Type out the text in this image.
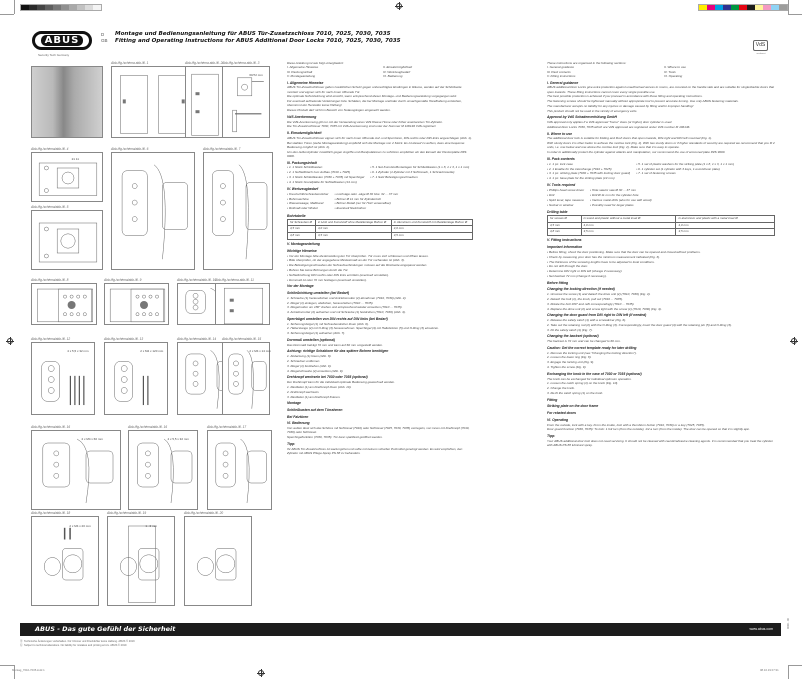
ABUS
Security Tech Germany
D
GB
Montage und Bedienungsanleitung für ABUS Tür-Zusatzschloss 7010, 7025, 7030, 7035
Fitting and Operating Instructions for ABUS Additional Door Locks 7010, 7025, 7030, 7035
VdS
anerkannt
Abb./fig./schéma abb./ill. 1	Abb./fig./schéma abb./ill. 2 Abb./fig./schéma abb./ill. 3
60/72 mm
Abb./fig./schéma/abb./ill. 4
21 11
Abb./fig./schéma/abb./ill. 6	Abb./fig./schéma/abb./ill. 7
Abb./fig./schéma/abb./ill. 5
Abb./fig./schéma/abb./ill. 8	Abb./fig./schéma/abb./ill. 9	Abb./fig./schéma/abb./ill. 10
Abb./fig./schéma abb./ill. 11
Abb./fig./schéma/abb./ill. 12
4 x 5,5 x 32 mm
Abb./fig./schéma/abb./ill. 13
2 x M4 x 120 mm
Abb./fig./schéma/abb./ill. 14 Abb./fig./schéma/abb./ill. 15
2 x M4 x 14 mm
Abb./fig./schéma/abb./ill. 16
2 x M4 x 60 mm
Abb./fig./schéma/abb./ill. 16
4 x 5,5 x 32 mm
Abb./fig./schéma/abb./ill. 17
Abb./fig./schéma/abb./ill. 18
2 x M4 x 20 mm
Abb./fig./schéma/abb./ill. 19
1...3 mm
Abb./fig./schéma/abb./ill. 20

Diese Anleitung ist wie folgt untergliedert:

I. Allgemeine Hinweise
III. Packungsinhalt
V. Montageanleitung
II. Einsatzmöglichkeit
IV. Werkzeugbedarf
VI. Bedienung
I. Allgemeine Hinweise

ABUS Tür-Zusatzschlösser gelten zusätzlichen Schutz gegen unberechtigtes Eindringen in Räume, werden auf der Schloßseite montiert und eignen sich für nach innen öffnende Tür.

Die optimale Schutzwirkung wird erreicht, wenn entsprechend dieser Montage- und Bedienungsanleitung vorgegangen wird.

Für eventuell auftretende Verletzungen bzw. Schäden, die bei Montage und/oder durch unsachgemäße Handhabung entstehen, übernimmt der Hersteller keine Haftung!

Dieses Produkt darf nicht im Bereich von Notausgängen eingesetzt werden.

VdS Anerkennung

Die VdS-Anerkennung gilt nur mit der Verwendung eines VdS Klasse Home oder höher anerkannten Tür-Zylinder.

Die Tür-Zusatzschlösser 7030, 7035 mit VdS-Anerkennung sind unter der Nummer M 106146 VdS registriert.

II. Einsatzmöglichkeit

ABUS Tür-Zusatzschlösser eignen sich für nach innen öffnende Auf- und Sperrtüren, DIN-rechts oder DIN-links angeschlagen (Abb. 1).

Bei stabilen Türen (siehe Montageanleitung) empfiehlt sich die Montage von 2 Stück. Es ist darauf zu achten, dass eine bequeme Bedienung möglich ist (Abb. 2).

Um den Außenzylinder zusätzlich gegen Angriffe und Manipulationen zu schützen empfehlen wir den Einsatz der Panzerplatte PZS 9000.

III. Packungsinhalt
• 1. 1 Stück Schloßkasten
• 2. 1 Schließblech zum Aufbau (7010 + 7025)
• 3. 1 Stück Schließkasten (7030 + 7035) mit Sperrbügel
• 4. 1 Stück Grundplatte für Schließkasten (14 mm)
• 5. 1 Set Kunststoffunterlagen für Schließkasten (1 x 8, 1 x 3, 1 x 1 mm)
• 6. 1 Zylinder (1 Zylinder mit 3 Schlüsseln, 1 Schraubrosette)
• 7. 1 Satz Befestigungsschrauben
IV. Werkzeugbedarf
• Kreuzschlitzschraubenzieher
• Bohrmaschine
• Wasserwaage, Maßband
• Rollmaß oder Winkel
• Lochsäge oder -säge Ø 30 bzw. 32 ... 37 mm
• Bohrer Ø 11 mm für Zylinderloch
• Bohrer Metall (nur für Holz verwendbar)
• Eventuell Steinbohrer
Bohrtabelle
für Schrauben Ø	in Holz und Kunststoff ohne Metalleinlage Bohrer Ø	in Aluminium und Kunststoff mit Metalleinlage Bohrer Ø
4,5 mm	4,0 mm	4,0 mm
4,8 mm	3,5 mm	3,5 mm
V. Montageanleitung
Wichtige Hinweise
• Vor der Montage bitte die Einstellung der Tür überprüfen. Tür muss sich schliessen und öffnen lassen.
• Bitte überprüfen, ob der angegebene Mindestmaß an der Tür vorhanden ist (Abb. 3).
• Die Befestigungsschrauben der Schraubverbindungen müssen auf die Rückseite eingepasst werden.
• Bohren Sie keine Bohrungen durch die Tür.
• Schließrichtung DIN rechts oder DIN links ermitteln (eventuell umstellen).
• Dornmaß ist oder 72 mm festlegen (eventuell umstellen).
Vor der Montage
Schließrichtung umstellen (bei Bedarf)
1. Schraube (1) herausdrehen und Antriebsmutter (2) abnehmen (7010, 7030) (Abb. 4).
2. Riegel (1) einlegen, abdrehen, herausziehen (7010 ... 7035).
3. Riegelmutter um 180° drehen und entsprechend wieder einsetzen (7010 ... 7035).
4. Antriebsmutter (2) aufsetzen und mit Schraube (1) festdrehen (7010, 7030) (Abb. 4).
Sperrbügel umstellen von DIN rechts auf DIN links (bei Bedarf)
1. Sicherungsbügel (1) mit Schraubendreher lösen (Abb. 6).
2. Halterstange (2) mit O-Ring (3) herausnehmen. Sperrbügel (4) mit Haltebolzen (5) und O-Ring (3) einsetzen.
3. Sicherungsbügel (1) aufsetzen (Abb. 7).
Dornmaß umstellen (optional)

Das Dornmaß beträgt 72 mm und kann auf 60 mm umgestellt werden.

Achtung: richtige Schablone für das spätere Bohren benötigen
1. Abdeckung (1) lösen (Abb. 8).
2. Schrauben entfernen.
3. Riegel (1) festziehen (Abb. 9).
4. Riegelschraube (2) einsetzen (Abb. 9).
Drehknopf wechseln bei 7030 oder 7035 (optional)

Der Drehknopf kann für die individuell optimale Bedienung gewechselt werden.

1. Rastfeder (1) am Drehknopf lösen (Abb. 10).
2. Drehknopf wechseln.
3. Rastfeder (1) am Drehknopf fixieren.
Montage
Schließkasten auf dem Türrahmen
Bei Falztüren
VI. Bedienung

Von außen lässt sich das Schloss mit Schlüssel (7010) oder Schlüssel (7025, 7030, 7035) verriegeln, von innen mit Drehknopf (7010, 7030) oder Schlüssel.

Sperrbügelfunktion (7030, 7035): Tür kann spaltbreit geöffnet werden.

Tipp:

Ihr ABUS Tür-Zusatzschloss ist wartungsfrei und sollte mit keinem scharfen Putzmittel gereinigt werden. Es wird empfohlen, den Zylinder mit ABUS Pflege-Spray PS 88 zu behandeln.

These instructions are organised in the following sections:

I. General guidance
III. Pack contents
V. Fitting instructions
II. Where to use
IV. Tools
VI. Operating
I. General guidance

ABUS additional Door Locks give extra protection against unauthorised access to rooms, are mounted on the handle side and are suitable for single/double doors that open inwards. These fitting instructions cannot cover every single possible use.

The best possible protection is achieved if you proceed in accordance with these fitting and operating instructions.

The fastening screws should be tightened manually without appropriate tool to prevent accurate turning. Use only ABUS fastening materials.

The manufacturer accepts no liability for any injuries or damage caused by fitting and/or improper handling!

This product should not be used in the vicinity of emergency exits.

Approval by VdS Schadenverhütung GmbH

VdS approval only applies if a VdS approved "home" class (or higher) door cylinder is used.

Additional Door Locks 7030, 7035 which are VdS approved are registered under VdS number M 106146.

II. Where to use

The additional door lock is suitable for folding and flush doors that open inwards, DIN-right and DIN left mounted (Fig. 1).

With sturdy doors it is often better to achieve the mortise lock (Fig. 2). With two sturdy doors or if higher standards of security are required we recommend that you fit 2 units, i.e. one below and one above the mortise lock (Fig. 2). Make sure that it is easy to operate.

In order to additionally protect the cylinder against attacks and manipulation, our recommend the use of armoured plate PZS 9000.

III. Pack contents
• 1. 1 pc. lock case
• 2. 1 Enable for the interchange (7010 + 7025)
• 3. 1 pc. striking plate (7030 + 7035 with locking door guard)
• 4. 1 pc. base plate for the striking plate (14 mm)
• 5. 1 set of plastic washers for the striking plate (1 x 8, 1 x 3, 1 x 1 mm)
• 6. 1 cylinder set (1 cylinder with 3 keys, 1 escutcheon plate)
• 7. 1 set of fastening screws
IV. Tools required
• Phillips head screw driver
• Drill
• Spirit level, tape measure
• Socket or window
• Hole saw/or saw Ø 30 ... 37 mm
• Drill Ø 11 mm for the cylinder hole
• Various metal drills (also for use with wood)
• Possibly need for larger plates
Drilling table
for screws Ø	in wood and plastic without a metal inset Ø	in aluminium and plastic with a metal inset Ø
4,5 mm	4,0 mm	4,0 mm
4,8 mm	3,5 mm	3,5 mm
V. Fitting instructions
Important information
• Before fitting, check the door positioning. Make sure that the door can be opened and closed without problems.
• Check by measuring your door has the minimum measurement indicated (Fig. 3).
• The thickness of the screwing lengths have to be adjusted to local conditions.
• Do not drill through the door.
• Determine DIN right or DIN left (change if necessary).
• Set backset 72 mm (change if necessary).
Before fitting
Changing the locking direction (if needed)
1. Unscrew the screw (1) and detach the drive unit (2) (7010, 7030) (Fig. 4).
2. Detach the bolt (1), the knob, pull out (7010 ... 7035).
3. Rotate the bolt 180° and refit correspondingly (7010 ... 7035).
4. Replace the drive unit (2) and screw tight with the screw (1) (7010, 7030) (Fig. 4).
Changing the door guard from DIN right to DIN left (if needed)
1. Release the safety catch (1) with a screwdriver (Fig. 6).
2. Take out the retaining rod (2) with the O-Ring (3). Correspondingly, insert the door guard (4) with the retaining pin (5) and O-Ring (3).
3. Fit the safety catch (1) (Fig. 7).
Changing the backset (optional)

The backset is 72 mm and can be changed to 60 mm.

Caution: Get the correct template ready for later drilling
1. Remove the locking unit (see "Changing the locking direction").
2. Loosen the lower ring (Fig. 8).
3. Engage the locking unit (Fig. 9).
4. Tighten the screw (Fig. 9).
Exchanging the knob in the case of 7030 or 7035 (optional)

The knob can be exchanged for individual optimum operation.

1. Loosen the catch spring (1) on the knob (Fig. 10).
2. Change the knob.
3. Re-fit the catch spring (1) on the knob.
Fitting
Striking plate on the door frame
For rebated doors
VI. Operating

From the outside, lock with a key. From the inside, lock with a thumbturn button (7010, 7030) or a key (7025, 7035).

Door guard function (7030, 7035): To lock: 1 full turn (from the outside), 1/2 a turn (from the inside). The door can be opened so that it is slightly ajar.

Tipp:

Your ABUS additional door lock does not need servicing. It should not be cleaned with caustic/abrasive cleaning agents. It is recommended that you treat the cylinder with ABUS PS 88 lubricant spray.

ABUS - Das gute Gefühl der Sicherheit	www.abus.com
Ⓓ  Technische Änderungen vorbehalten. Für Irrtümer und Druckfehler keine Haftung. ABUS © 2019
Ⓖ  Subject to technical alterations. No liability for mistakes and printing errors. ABUS © 2019
0000 - 00
Montag_7010-7035.indd 1	08.10.19 07:31
